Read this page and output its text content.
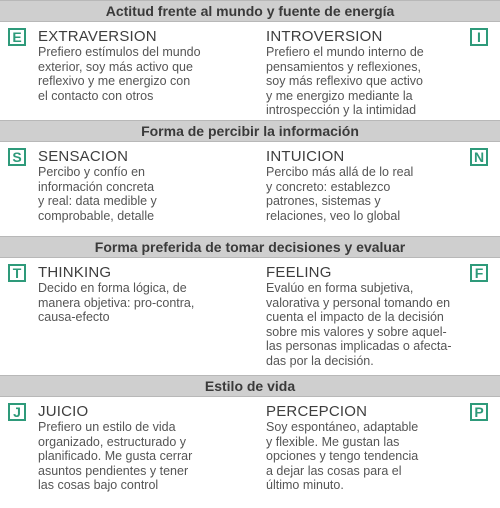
Actitud frente al mundo y fuente de energía
E EXTRAVERSION
Prefiero estímulos del mundo
exterior, soy más activo que
reflexivo y me energizo con
el contacto con otros
INTROVERSION
Prefiero el mundo interno de
pensamientos y reflexiones,
soy más reflexivo que activo
y me energizo mediante la
introspección y la intimidad
I
Forma de percibir la información
S SENSACION
Percibo y confío en
información concreta
y real: data medible y
comprobable, detalle
INTUICION
Percibo más allá de lo real
y concreto: establezco
patrones, sistemas y
relaciones, veo lo global
N
Forma preferida de tomar decisiones y evaluar
T	THINKING
Decido en forma lógica, de
manera objetiva: pro-contra,
causa-efecto
FEELING
Evalúo en forma subjetiva,
valorativa y personal tomando en
cuenta el impacto de la decisión
sobre mis valores y sobre aquel-
las personas implicadas o afecta-
das por la decisión.
F
Estilo de vida
J	JUICIO
Prefiero un estilo de vida
organizado, estructurado y
planificado. Me gusta cerrar
asuntos pendientes y tener
las cosas bajo control
PERCEPCION
Soy espontáneo, adaptable
y flexible. Me gustan las
opciones y tengo tendencia
a dejar las cosas para el
último minuto.
P
